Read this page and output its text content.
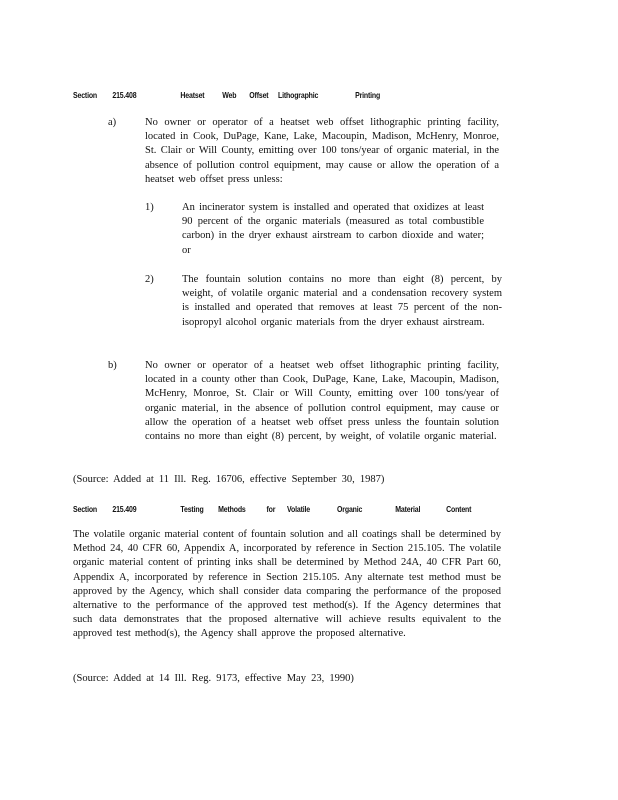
Section 215.408	Heatset Web Offset Lithographic	Printing
a)	No owner or operator of a heatset web offset lithographic printing facility, located in Cook, DuPage, Kane, Lake, Macoupin, Madison, McHenry, Monroe, St. Clair or Will County, emitting over 100 tons/year of organic material, in the absence of pollution control equipment, may cause or allow the operation of a heatset web offset press unless:
1)	An incinerator system is installed and operated that oxidizes at least 90 percent of the organic materials (measured as total combustible carbon) in the dryer exhaust airstream to carbon dioxide and water; or
2)	The fountain solution contains no more than eight (8) percent, by weight, of volatile organic material and a condensation recovery system is installed and operated that removes at least 75 percent of the non-isopropyl alcohol organic materials from the dryer exhaust airstream.
b)	No owner or operator of a heatset web offset lithographic printing facility, located in a county other than Cook, DuPage, Kane, Lake, Macoupin, Madison, McHenry, Monroe, St. Clair or Will County, emitting over 100 tons/year of organic material, in the absence of pollution control equipment, may cause or allow the operation of a heatset web offset press unless the fountain solution contains no more than eight (8) percent, by weight, of volatile organic material.
(Source: Added at 11 Ill. Reg. 16706, effective September 30, 1987)
Section 215.409	Testing Methods for Volatile	Organic	Material	Content
The volatile organic material content of fountain solution and all coatings shall be determined by Method 24, 40 CFR 60, Appendix A, incorporated by reference in Section 215.105. The volatile organic material content of printing inks shall be determined by Method 24A, 40 CFR Part 60, Appendix A, incorporated by reference in Section 215.105. Any alternate test method must be approved by the Agency, which shall consider data comparing the performance of the proposed alternative to the performance of the approved test method(s). If the Agency determines that such data demonstrates that the proposed alternative will achieve results equivalent to the approved test method(s), the Agency shall approve the proposed alternative.
(Source: Added at 14 Ill. Reg. 9173, effective May 23, 1990)
